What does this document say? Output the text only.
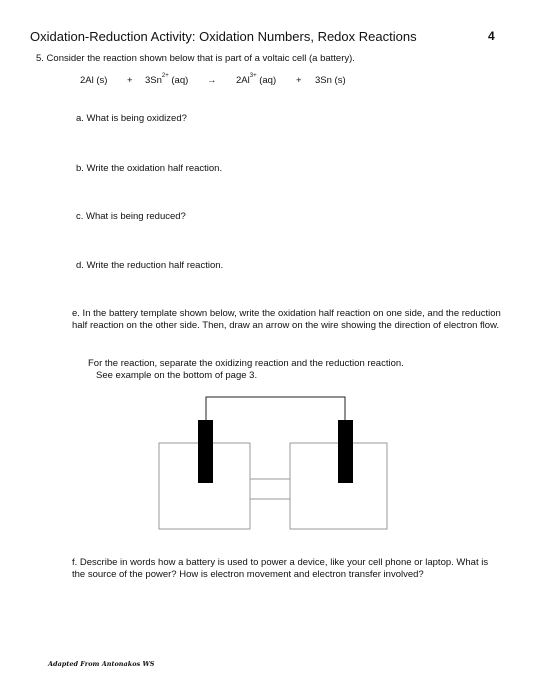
Oxidation-Reduction Activity: Oxidation Numbers, Redox Reactions	4
5. Consider the reaction shown below that is part of a voltaic cell (a battery).
2Al $(s) + 3Sn^{2+}$ $(aq) \to 2Al^{3+}$ (aq) + 3Sn (s)
a. What is being oxidized?
b. Write the oxidation half reaction.
c. What is being reduced?
d. Write the reduction half reaction.
e. In the battery template shown below, write the oxidation half reaction on one side, and the reduction half reaction on the other side. Then, draw an arrow on the wire showing the direction of electron flow.
For the reaction, separate the oxidizing reaction and the reduction reaction.
See example on the bottom of page 3.
f. Describe in words how a battery is used to power a device, like your cell phone or laptop. What is the source of the power? How is electron movement and electron transfer involved?
Adapted From Antonakos WS
